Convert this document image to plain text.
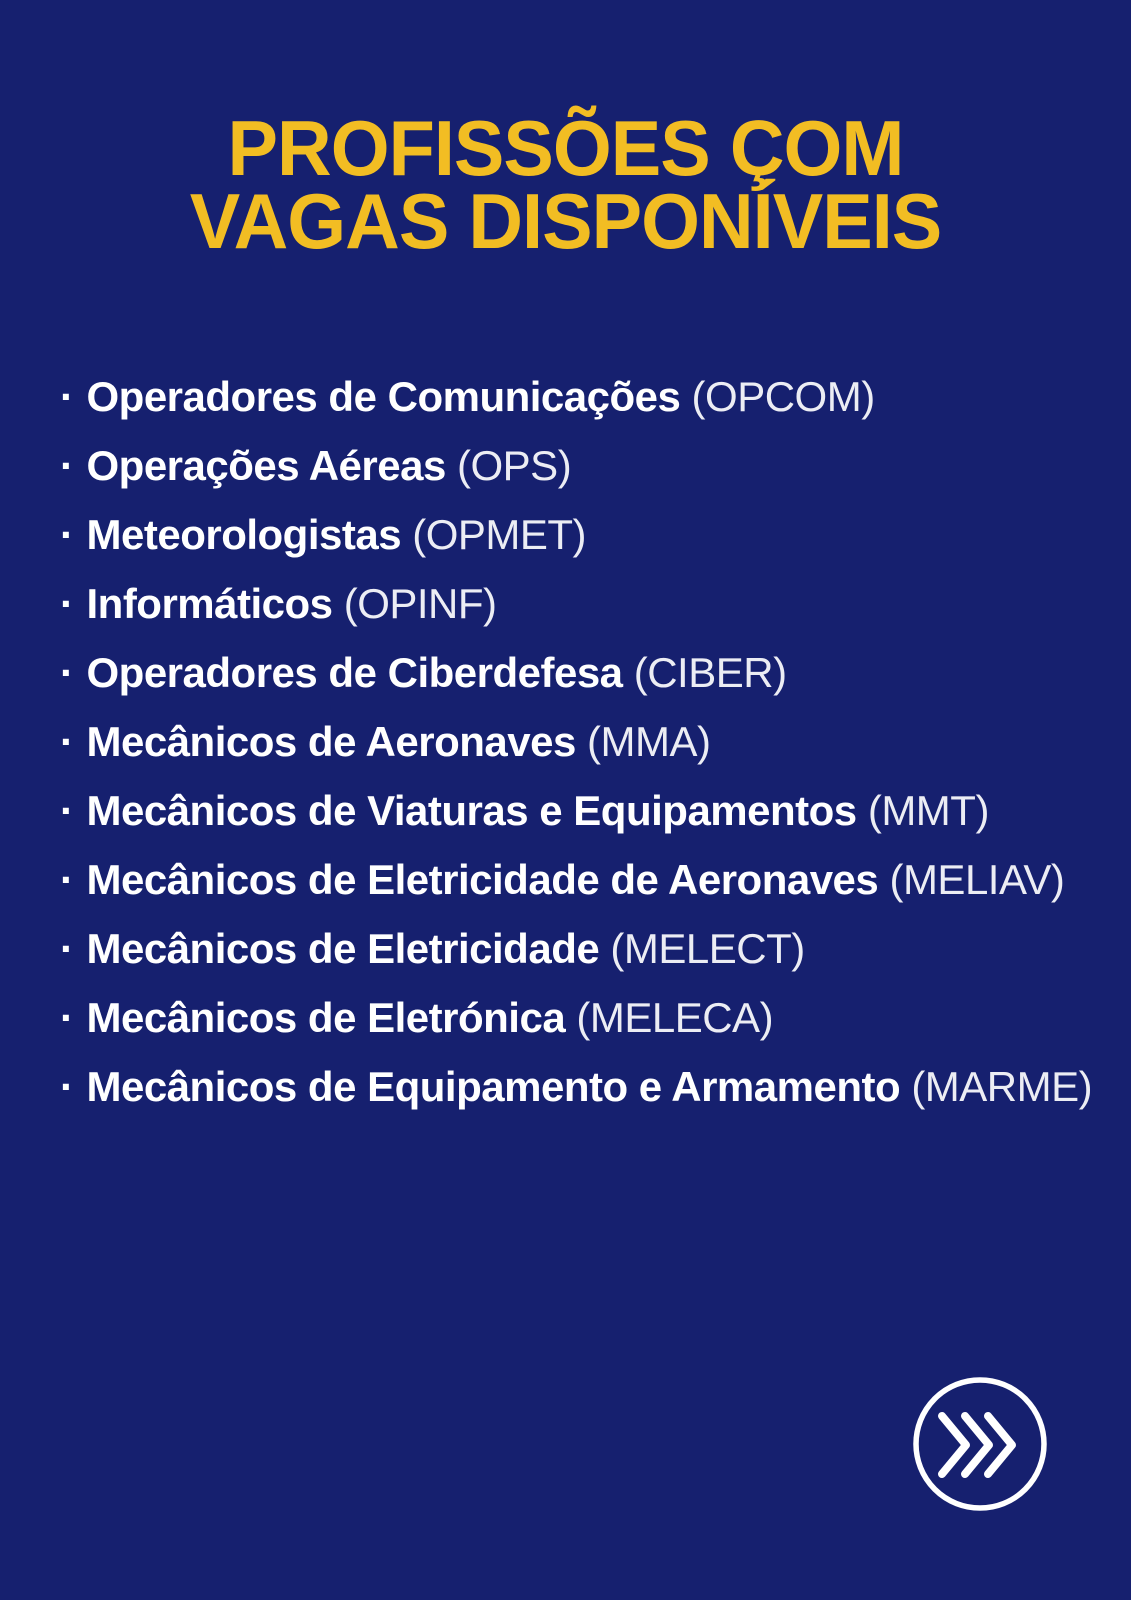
PROFISSÕES ÇOM
VAGAS DISPONÍVEIS
· Operadores de Comunicações (OPCOM)
· Operações Aéreas (OPS)
· Meteorologistas (OPMET)
· Informáticos (OPINF)
· Operadores de Ciberdefesa (CIBER)
· Mecânicos de Aeronaves (MMA)
· Mecânicos de Viaturas e Equipamentos (MMT)
· Mecânicos de Eletricidade de Aeronaves (MELIAV)
· Mecânicos de Eletricidade (MELECT)
· Mecânicos de Eletrónica (MELECA)
· Mecânicos de Equipamento e Armamento (MARME)
